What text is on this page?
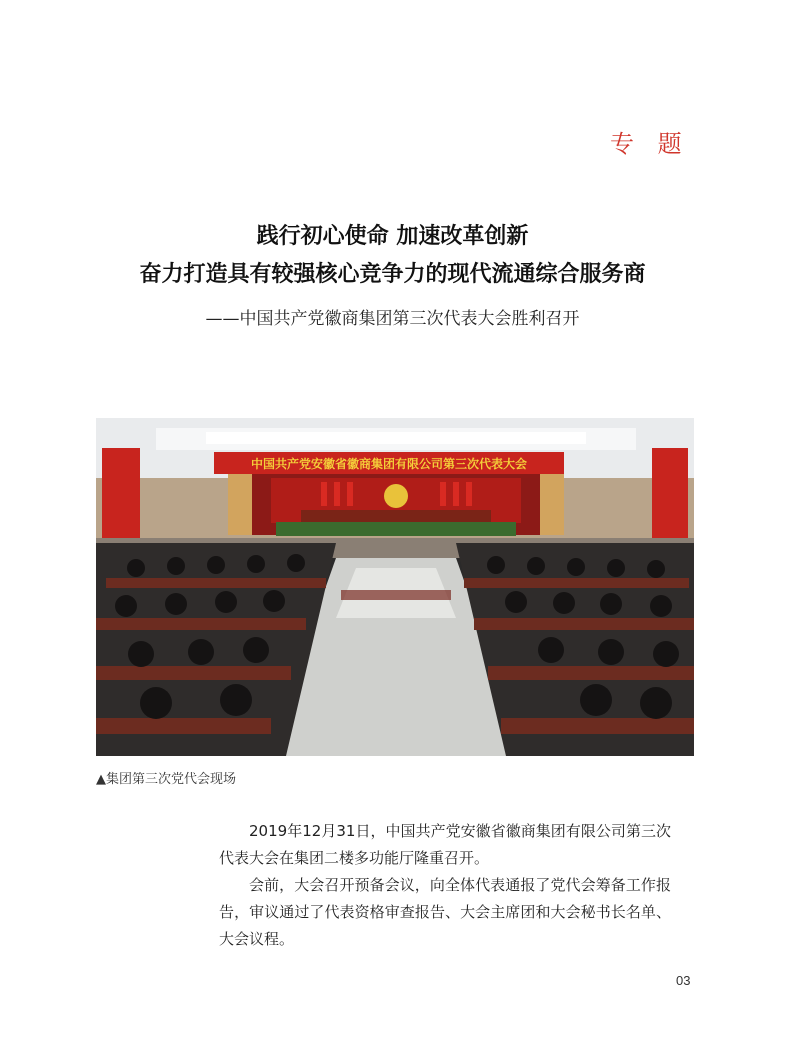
专 题
践行初心使命 加速改革创新
奋力打造具有较强核心竞争力的现代流通综合服务商
——中国共产党徽商集团第三次代表大会胜利召开
中国共产党安徽省徽商集团有限公司第三次代表大会
▲集团第三次党代会现场

2019年12月31日，中国共产党安徽省徽商集团有限公司第三次代表大会在集团二楼多功能厅隆重召开。

会前，大会召开预备会议，向全体代表通报了党代会筹备工作报告，审议通过了代表资格审查报告、大会主席团和大会秘书长名单、大会议程。

03
